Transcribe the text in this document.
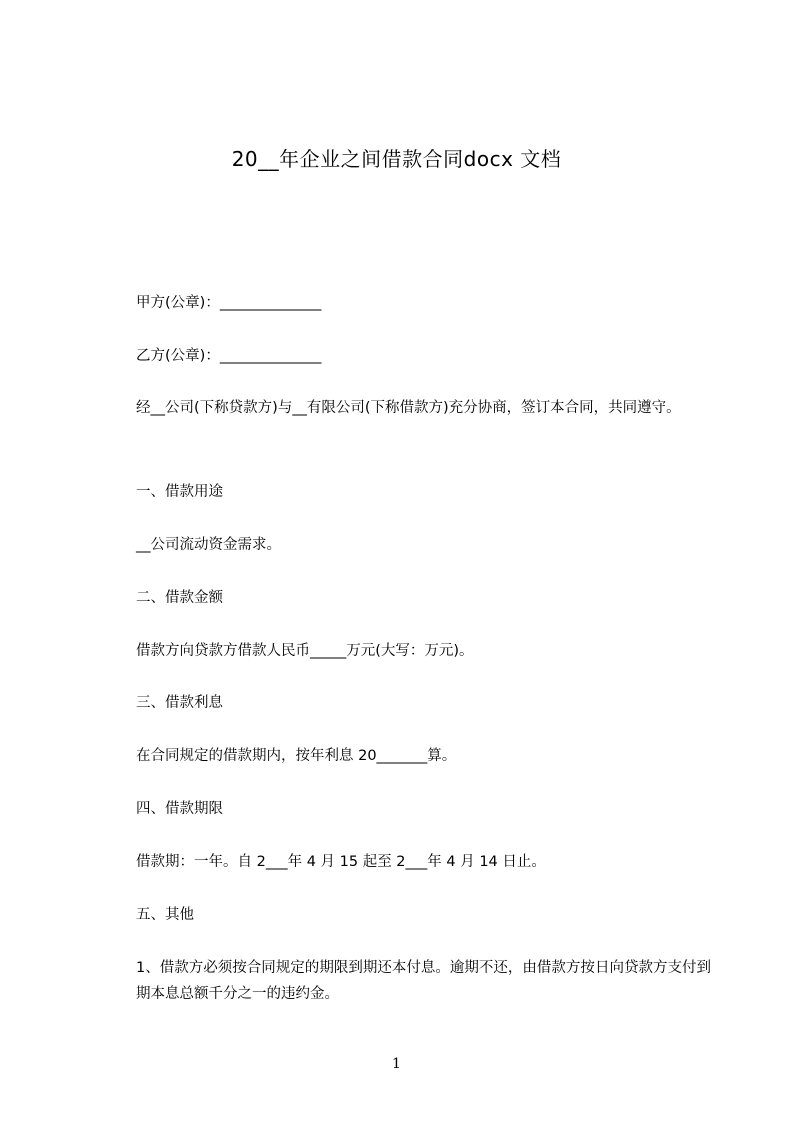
20__年企业之间借款合同docx 文档
甲方(公章)：______________
乙方(公章)：______________
经__公司(下称贷款方)与__有限公司(下称借款方)充分协商，签订本合同，共同遵守。
一、借款用途
__公司流动资金需求。
二、借款金额
借款方向贷款方借款人民币_____万元(大写：万元)。
三、借款利息
在合同规定的借款期内，按年利息 20_______算。
四、借款期限
借款期：一年。自 2___年 4 月 15 起至 2___年 4 月 14 日止。
五、其他
1、借款方必须按合同规定的期限到期还本付息。逾期不还，由借款方按日向贷款方支付到期本息总额千分之一的违约金。
1
